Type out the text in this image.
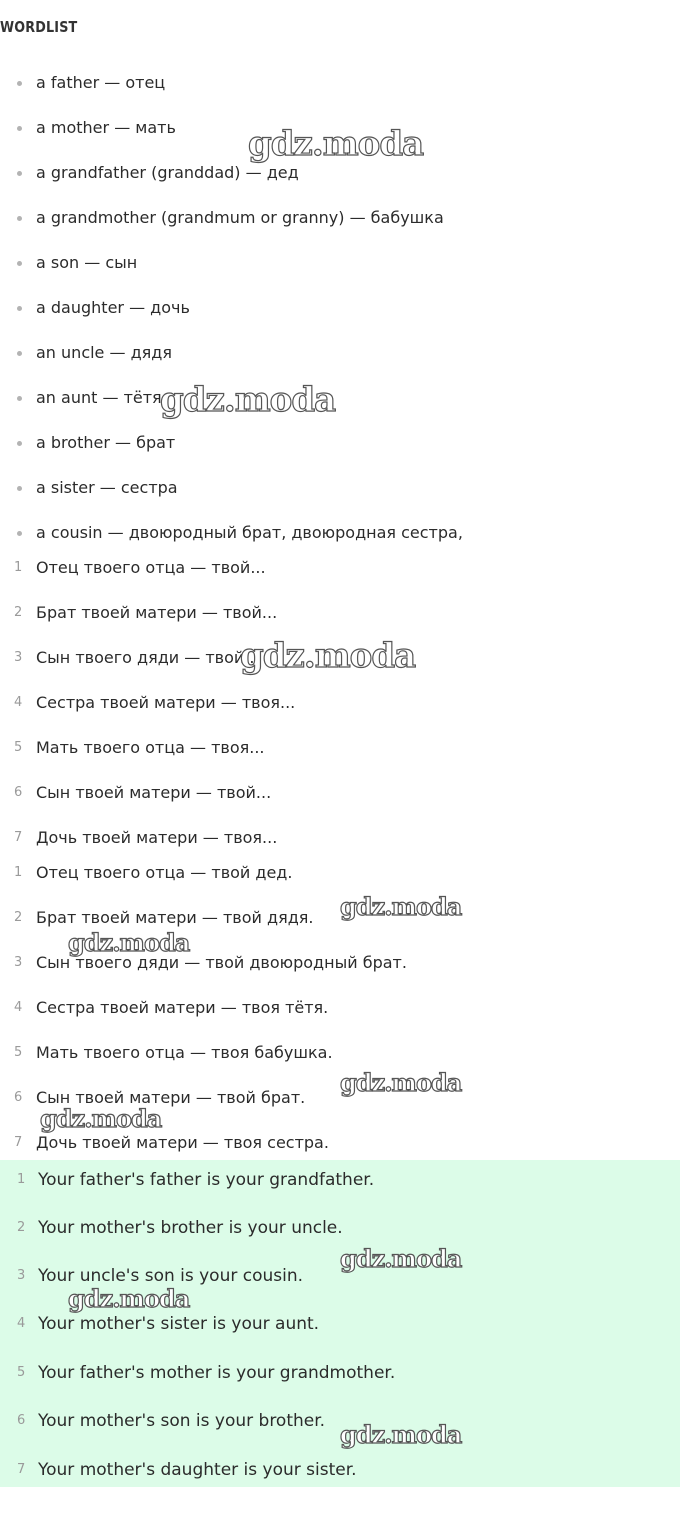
WORDLIST
a father — отец
a mother — мать
a grandfather (granddad) — дед
a grandmother (grandmum or granny) — бабушка
a son — сын
a daughter — дочь
an uncle — дядя
an aunt — тётя
a brother — брат
a sister — сестра
a cousin — двоюродный брат, двоюродная сестра,
1 Отец твоего отца — твой...
2 Брат твоей матери — твой...
3 Сын твоего дяди — твой...
4 Сестра твоей матери — твоя...
5 Мать твоего отца — твоя...
6 Сын твоей матери — твой...
7 Дочь твоей матери — твоя...
1 Отец твоего отца — твой дед.
2 Брат твоей матери — твой дядя.
3 Сын твоего дяди — твой двоюродный брат.
4 Сестра твоей матери — твоя тётя.
5 Мать твоего отца — твоя бабушка.
6 Сын твоей матери — твой брат.
7 Дочь твоей матери — твоя сестра.
1 Your father's father is your grandfather.
2 Your mother's brother is your uncle.
3 Your uncle's son is your cousin.
4 Your mother's sister is your aunt.
5 Your father's mother is your grandmother.
6 Your mother's son is your brother.
7 Your mother's daughter is your sister.
gdz.moda
gdz.moda
gdz.moda
gdz.moda
gdz.moda
gdz.moda
gdz.moda
gdz.moda
gdz.moda
gdz.moda
